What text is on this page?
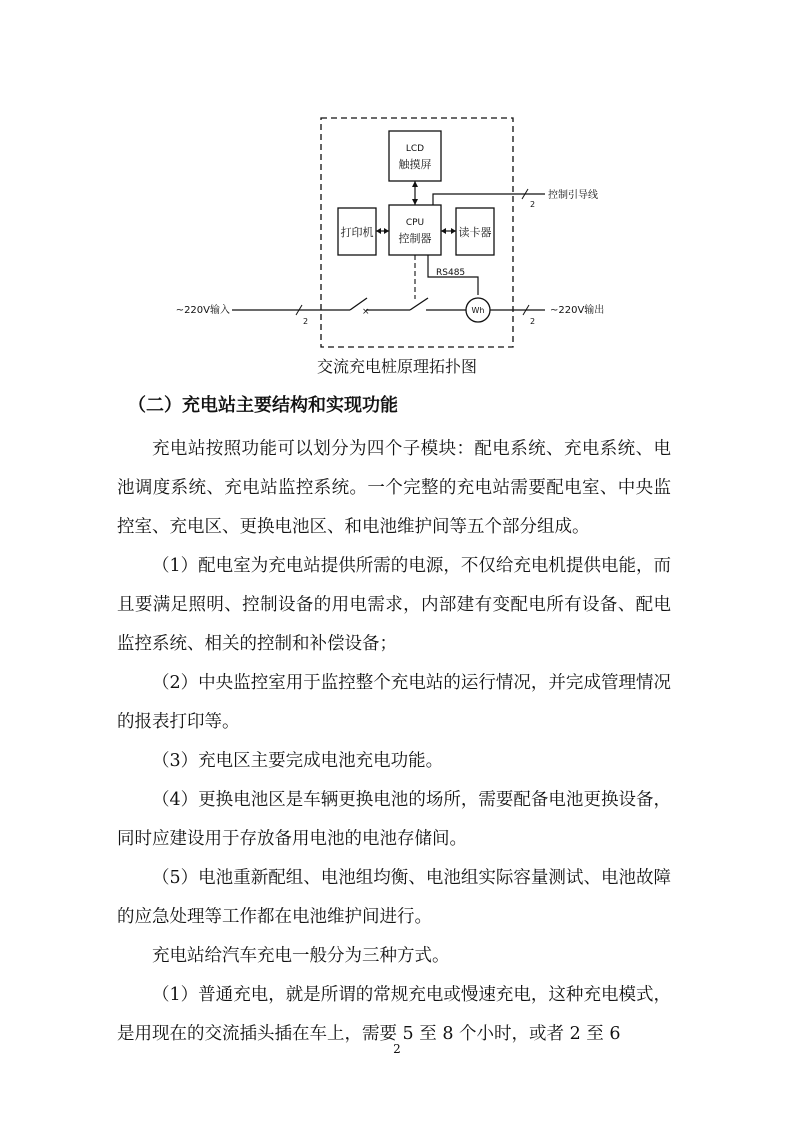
LCD
触摸屏
CPU
控制器
打印机	读卡器
2
控制引导线
RS485
×	Wh
2	2
~220V输入	~220V输出
交流充电桩原理拓扑图
（二）充电站主要结构和实现功能

充电站按照功能可以划分为四个子模块：配电系统、充电系统、电池调度系统、充电站监控系统。一个完整的充电站需要配电室、中央监控室、充电区、更换电池区、和电池维护间等五个部分组成。

（1）配电室为充电站提供所需的电源，不仅给充电机提供电能，而且要满足照明、控制设备的用电需求，内部建有变配电所有设备、配电监控系统、相关的控制和补偿设备；

（2）中央监控室用于监控整个充电站的运行情况，并完成管理情况的报表打印等。

（3）充电区主要完成电池充电功能。

（4）更换电池区是车辆更换电池的场所，需要配备电池更换设备，同时应建设用于存放备用电池的电池存储间。

（5）电池重新配组、电池组均衡、电池组实际容量测试、电池故障的应急处理等工作都在电池维护间进行。

充电站给汽车充电一般分为三种方式。

（1）普通充电，就是所谓的常规充电或慢速充电，这种充电模式，是用现在的交流插头插在车上，需要 5 至 8 个小时，或者 2 至 6

2
